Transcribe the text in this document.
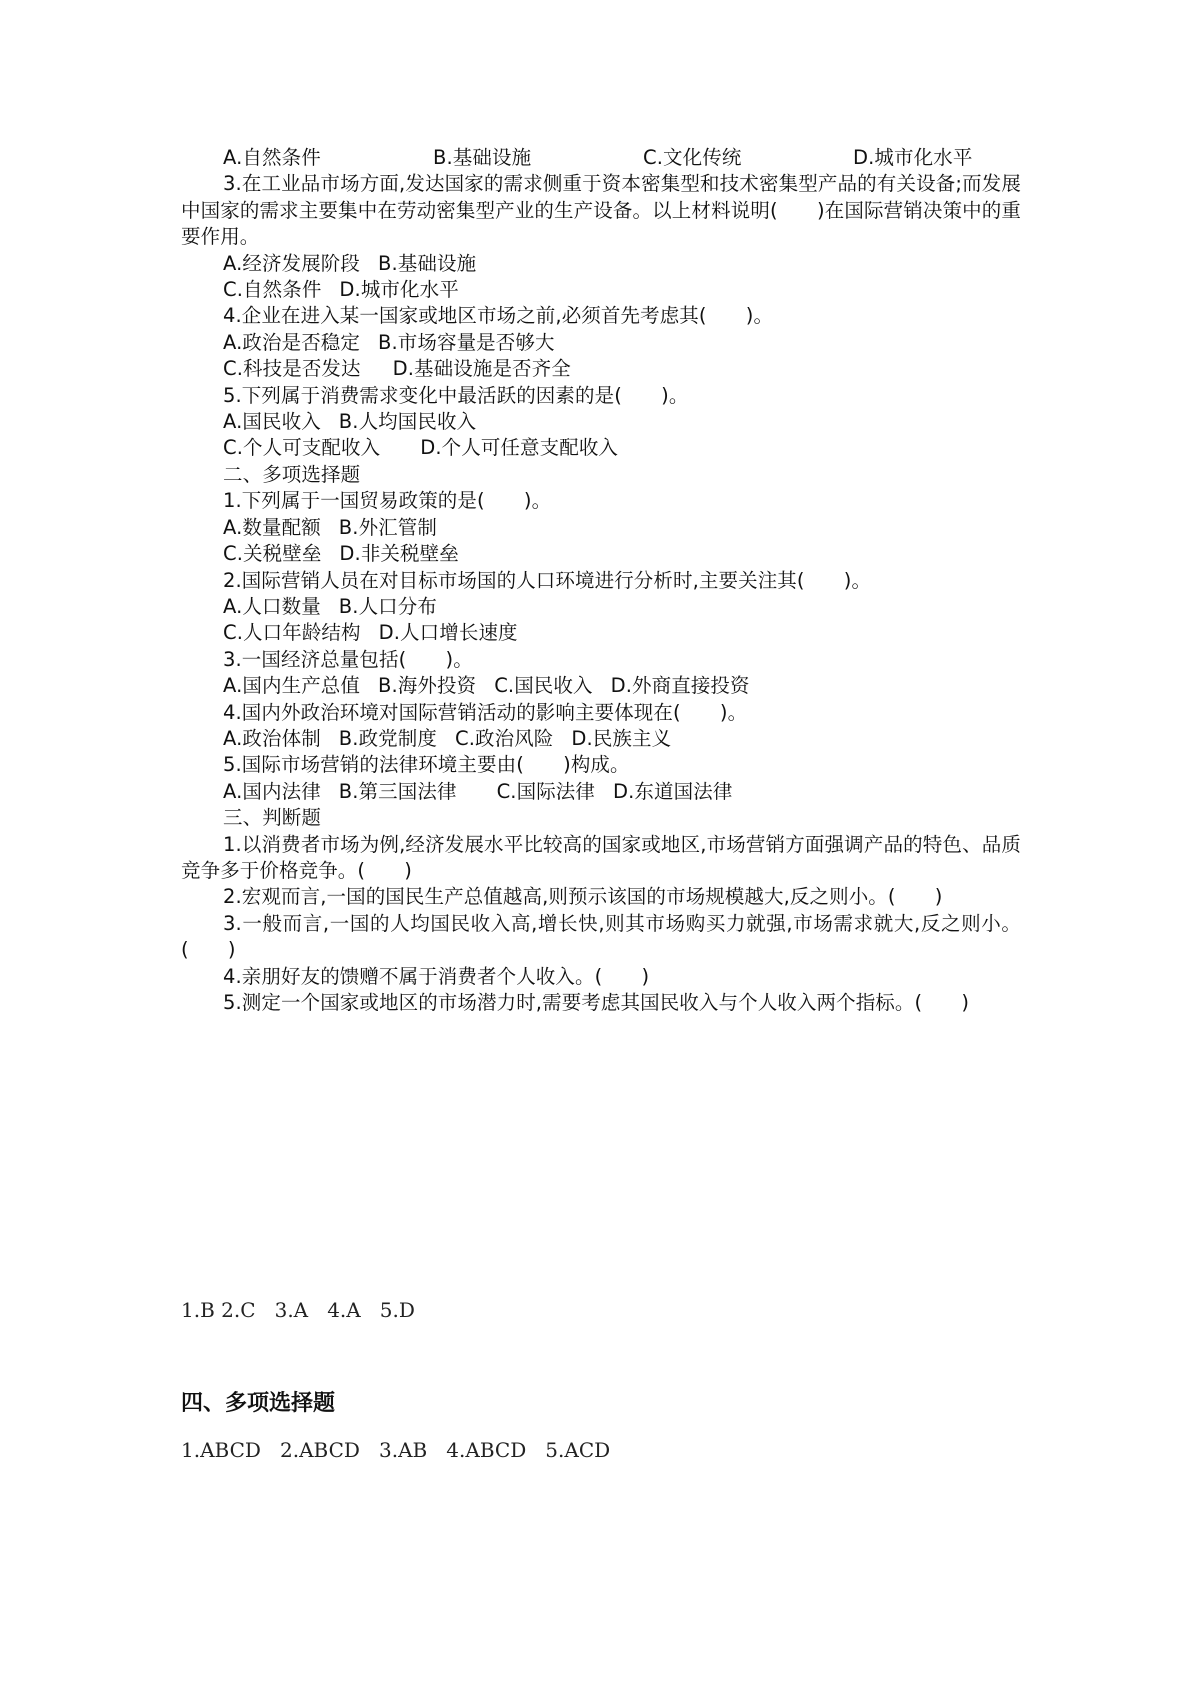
A.自然条件	B.基础设施	C.文化传统	D.城市化水平
3.在工业品市场方面,发达国家的需求侧重于资本密集型和技术密集型产品的有关设备;而发展中国家的需求主要集中在劳动密集型产业的生产设备。以上材料说明(　　)在国际营销决策中的重要作用。
A.经济发展阶段 B.基础设施
C.自然条件 D.城市化水平
4.企业在进入某一国家或地区市场之前,必须首先考虑其(　　)。
A.政治是否稳定 B.市场容量是否够大
C.科技是否发达 D.基础设施是否齐全
5.下列属于消费需求变化中最活跃的因素的是(　　)。
A.国民收入 B.人均国民收入
C.个人可支配收入 D.个人可任意支配收入
二、多项选择题
1.下列属于一国贸易政策的是(　　)。
A.数量配额 B.外汇管制
C.关税壁垒 D.非关税壁垒
2.国际营销人员在对目标市场国的人口环境进行分析时,主要关注其(　　)。
A.人口数量 B.人口分布
C.人口年龄结构 D.人口增长速度
3.一国经济总量包括(　　)。
A.国内生产总值 B.海外投资 C.国民收入 D.外商直接投资
4.国内外政治环境对国际营销活动的影响主要体现在(　　)。
A.政治体制 B.政党制度 C.政治风险 D.民族主义
5.国际市场营销的法律环境主要由(　　)构成。
A.国内法律 B.第三国法律 C.国际法律 D.东道国法律
三、判断题
1.以消费者市场为例,经济发展水平比较高的国家或地区,市场营销方面强调产品的特色、品质竞争多于价格竞争。(　　)
2.宏观而言,一国的国民生产总值越高,则预示该国的市场规模越大,反之则小。(　　)
3.一般而言,一国的人均国民收入高,增长快,则其市场购买力就强,市场需求就大,反之则小。(　　)
4.亲朋好友的馈赠不属于消费者个人收入。(　　)
5.测定一个国家或地区的市场潜力时,需要考虑其国民收入与个人收入两个指标。(　　)
1.B 2.C   3.A   4.A   5.D
四、多项选择题
1.ABCD   2.ABCD   3.AB   4.ABCD   5.ACD
